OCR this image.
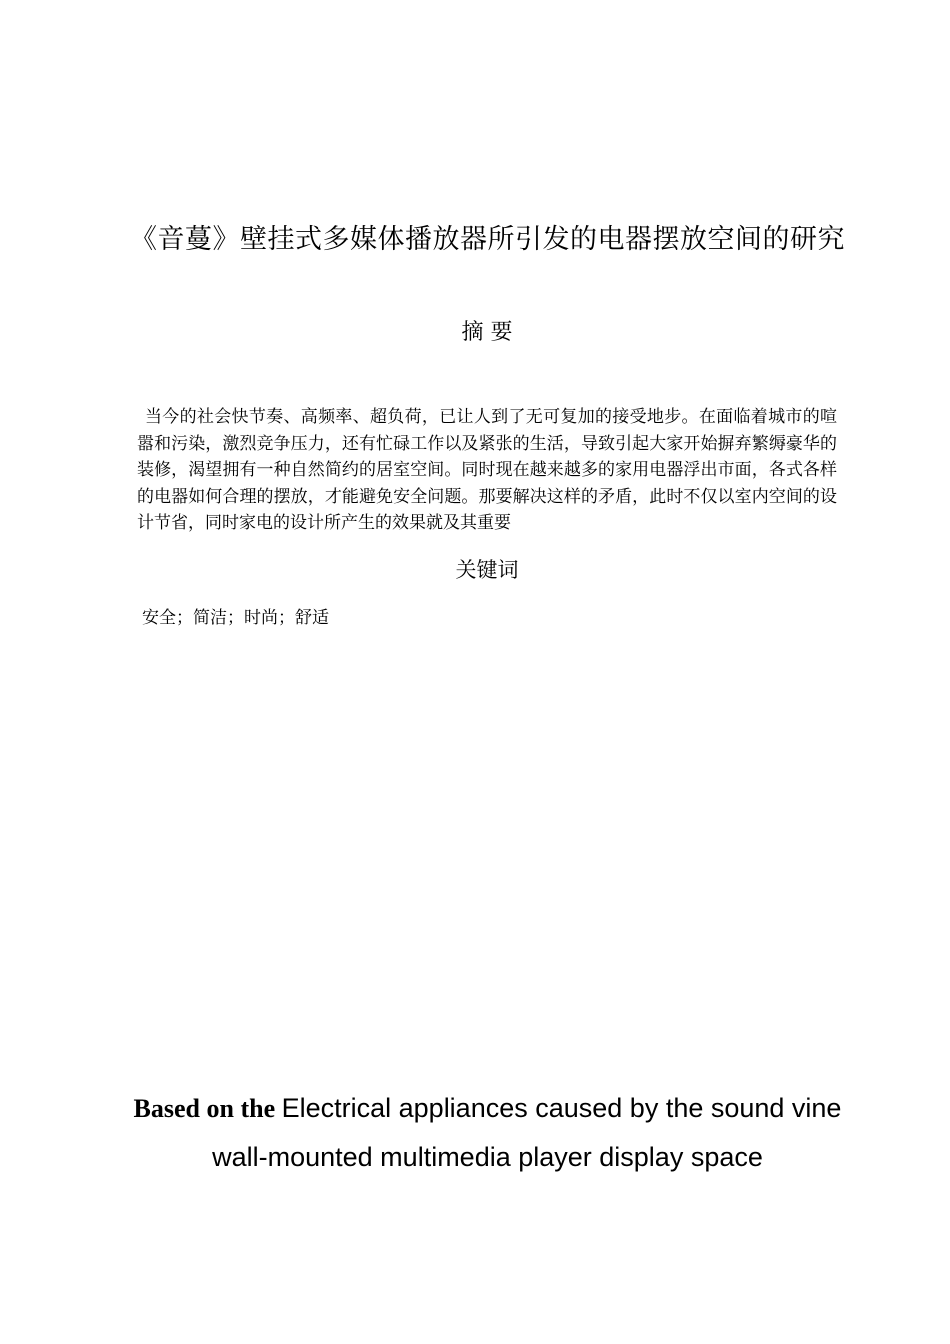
《音蔓》壁挂式多媒体播放器所引发的电器摆放空间的研究
摘 要

当今的社会快节奏、高频率、超负荷，已让人到了无可复加的接受地步。在面临着城市的喧嚣和污染，激烈竞争压力，还有忙碌工作以及紧张的生活，导致引起大家开始摒弃繁缛豪华的装修，渴望拥有一种自然简约的居室空间。同时现在越来越多的家用电器浮出市面，各式各样的电器如何合理的摆放，才能避免安全问题。那要解决这样的矛盾，此时不仅以室内空间的设计节省，同时家电的设计所产生的效果就及其重要

关键词

安全；简洁；时尚；舒适

Based on the Electrical appliances caused by the sound vine wall-mounted multimedia player display space
